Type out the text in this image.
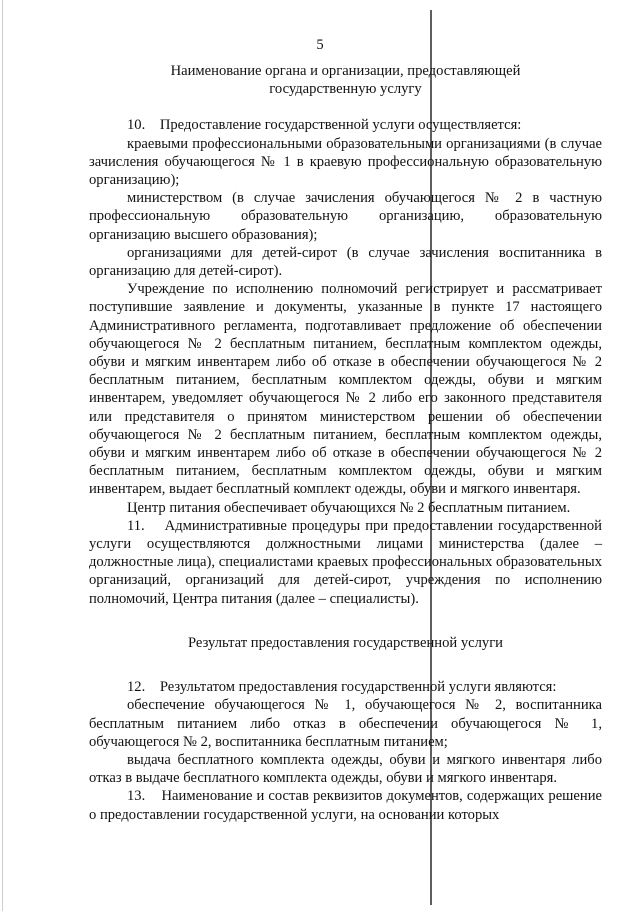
5

Наименование органа и организации, предоставляющей

государственную услугу

10.    Предоставление государственной услуги осуществляется:

краевыми профессиональными образовательными организациями (в случае зачисления обучающегося № 1 в краевую профессиональную образовательную организацию);

министерством (в случае зачисления обучающегося № 2 в частную профессиональную образовательную организацию, образовательную организацию высшего образования);

организациями для детей-сирот (в случае зачисления воспитанника в организацию для детей-сирот).

Учреждение по исполнению полномочий регистрирует и рассматривает поступившие заявление и документы, указанные в пункте 17 настоящего Административного регламента, подготавливает предложение об обеспечении обучающегося № 2 бесплатным питанием, бесплатным комплектом одежды, обуви и мягким инвентарем либо об отказе в обеспечении обучающегося № 2 бесплатным питанием, бесплатным комплектом одежды, обуви и мягким инвентарем, уведомляет обучающегося № 2 либо его законного представителя или представителя о принятом министерством решении об обеспечении обучающегося № 2 бесплатным питанием, бесплатным комплектом одежды, обуви и мягким инвентарем либо об отказе в обеспечении обучающегося № 2 бесплатным питанием, бесплатным комплектом одежды, обуви и мягким инвентарем, выдает бесплатный комплект одежды, обуви и мягкого инвентаря.

Центр питания обеспечивает обучающихся № 2 бесплатным питанием.

11.    Административные процедуры при предоставлении государственной услуги осуществляются должностными лицами министерства (далее – должностные лица), специалистами краевых профессиональных образовательных организаций, организаций для детей-сирот, учреждения по исполнению полномочий, Центра питания (далее – специалисты).

Результат предоставления государственной услуги

12.    Результатом предоставления государственной услуги являются:

обеспечение обучающегося № 1, обучающегося № 2, воспитанника бесплатным питанием либо отказ в обеспечении обучающегося № 1, обучающегося № 2, воспитанника бесплатным питанием;

выдача бесплатного комплекта одежды, обуви и мягкого инвентаря либо отказ в выдаче бесплатного комплекта одежды, обуви и мягкого инвентаря.

13.    Наименование и состав реквизитов документов, содержащих решение о предоставлении государственной услуги, на основании которых
